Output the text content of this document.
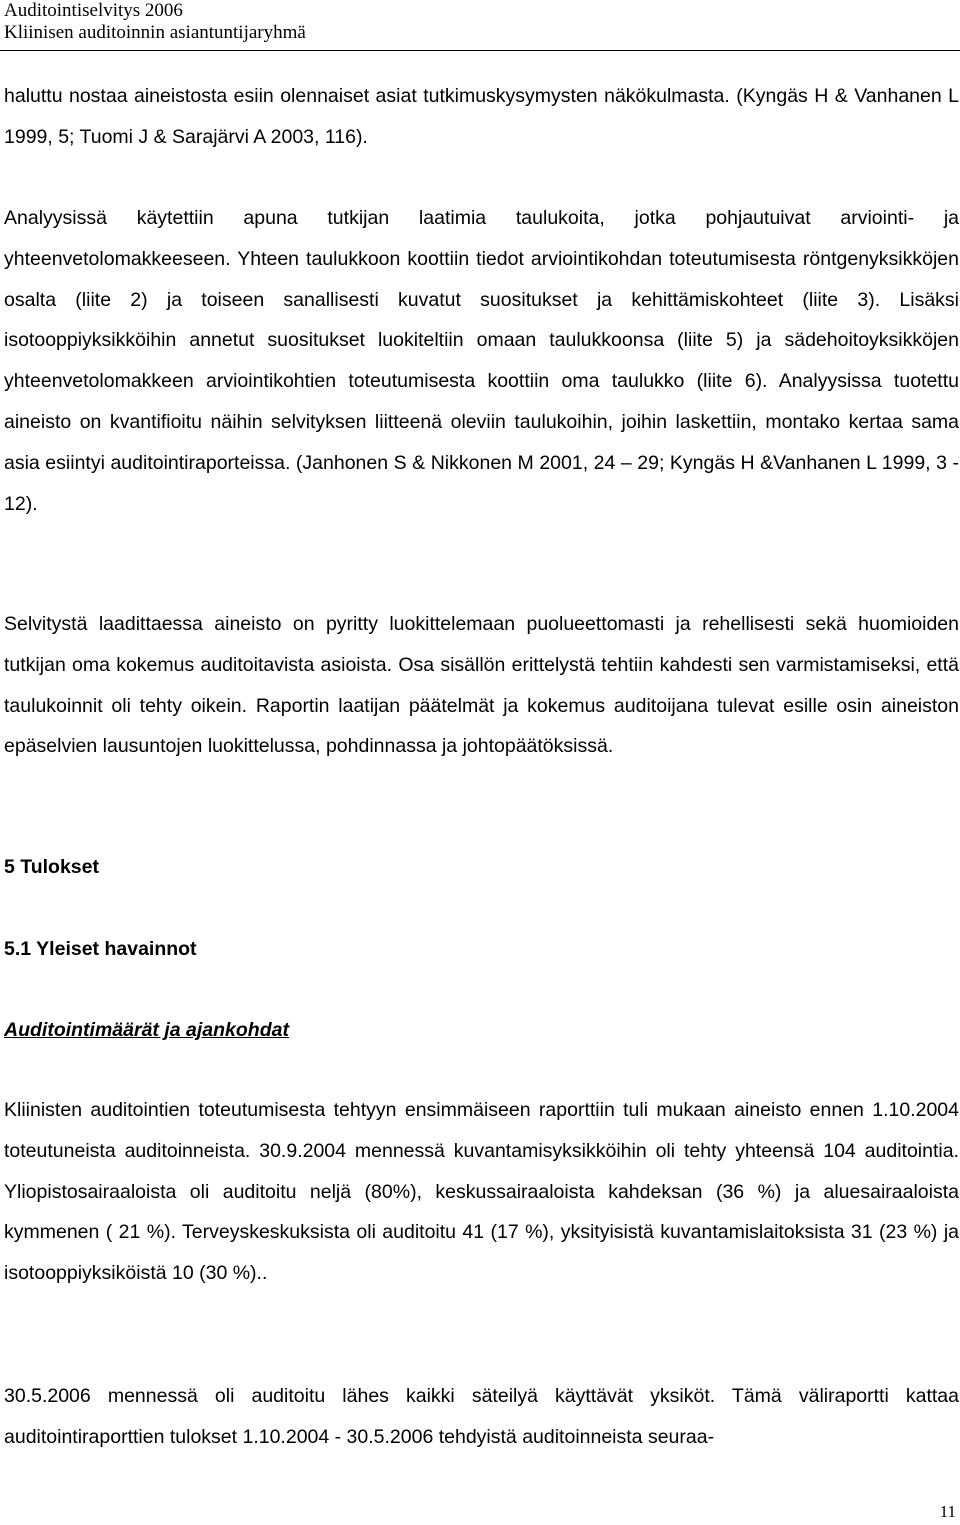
Auditointiselvitys 2006
Kliinisen auditoinnin asiantuntijaryhmä

haluttu nostaa aineistosta esiin olennaiset asiat tutkimuskysymysten näkökulmasta. (Kyngäs H & Vanhanen L 1999, 5; Tuomi J & Sarajärvi A 2003, 116).

Analyysissä käytettiin apuna tutkijan laatimia taulukoita, jotka pohjautuivat arviointi- ja yhteenvetolomakkeeseen. Yhteen taulukkoon koottiin tiedot arviointikohdan toteutumisesta röntgenyksikköjen osalta (liite 2) ja toiseen sanallisesti kuvatut suositukset ja kehittämiskohteet (liite 3). Lisäksi isotooppiyksikköihin annetut suositukset luokiteltiin omaan taulukkoonsa (liite 5) ja sädehoitoyksikköjen yhteenvetolomakkeen arviointikohtien toteutumisesta koottiin oma taulukko (liite 6). Analyysissa tuotettu aineisto on kvantifioitu näihin selvityksen liitteenä oleviin taulukoihin, joihin laskettiin, montako kertaa sama asia esiintyi auditointiraporteissa. (Janhonen S & Nikkonen M 2001, 24 – 29; Kyngäs H &Vanhanen L 1999, 3 - 12).

Selvitystä laadittaessa aineisto on pyritty luokittelemaan puolueettomasti ja rehellisesti sekä huomioiden tutkijan oma kokemus auditoitavista asioista. Osa sisällön erittelystä tehtiin kahdesti sen varmistamiseksi, että taulukoinnit oli tehty oikein. Raportin laatijan päätelmät ja kokemus auditoijana tulevat esille osin aineiston epäselvien lausuntojen luokittelussa, pohdinnassa ja johtopäätöksissä.

5 Tulokset
5.1 Yleiset havainnot
Auditointimäärät ja ajankohdat

Kliinisten auditointien toteutumisesta tehtyyn ensimmäiseen raporttiin tuli mukaan aineisto ennen 1.10.2004 toteutuneista auditoinneista. 30.9.2004 mennessä kuvantamisyksikköihin oli tehty yhteensä 104 auditointia. Yliopistosairaaloista oli auditoitu neljä (80%), keskussairaaloista kahdeksan (36 %) ja aluesairaaloista kymmenen ( 21 %). Terveyskeskuksista oli auditoitu 41 (17 %), yksityisistä kuvantamislaitoksista 31 (23 %) ja isotooppiyksiköistä 10 (30 %)..

30.5.2006 mennessä oli auditoitu lähes kaikki säteilyä käyttävät yksiköt. Tämä väliraportti kattaa auditointiraporttien tulokset 1.10.2004 - 30.5.2006 tehdyistä auditoinneista seuraa-

11
